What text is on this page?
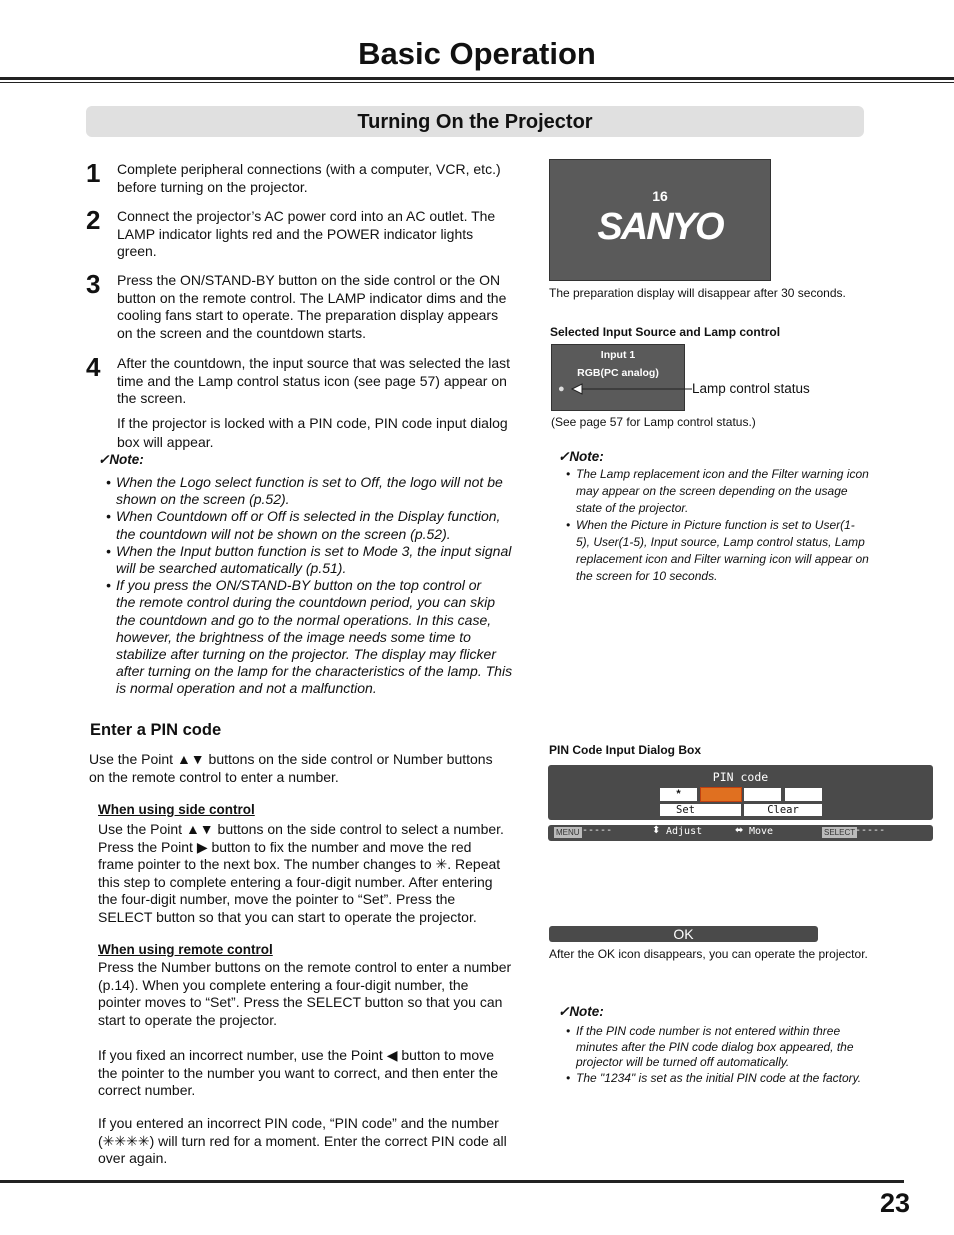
Basic Operation
Turning On the Projector
1 Complete peripheral connections (with a computer, VCR, etc.)
before turning on the projector.
2 Connect the projector’s AC power cord into an AC outlet. The
LAMP indicator lights red and the POWER indicator lights
green.
3 Press the ON/STAND-BY button on the side control or the ON
button on the remote control. The LAMP indicator dims and the
cooling fans start to operate. The preparation display appears
on the screen and the countdown starts.
4 After the countdown, the input source that was selected the last
time and the Lamp control status icon (see page 57) appear on
the screen.
If the projector is locked with a PIN code, PIN code input dialog
box will appear.
✓Note:
• When the Logo select function is set to Off, the logo will not be
shown on the screen (p.52).
• When Countdown off or Off is selected in the Display function,
the countdown will not be shown on the screen (p.52).
• When the Input button function is set to Mode 3, the input signal
will be searched automatically (p.51).
• If you press the ON/STAND-BY button on the top control or
the remote control during the countdown period, you can skip
the countdown and go to the normal operations. In this case,
however, the brightness of the image needs some time to
stabilize after turning on the projector. The display may flicker
after turning on the lamp for the characteristics of the lamp. This
is normal operation and not a malfunction.
16
SANYO
The preparation display will disappear after 30 seconds.
Selected Input Source and Lamp control
Input 1
RGB(PC analog)
●	Lamp control status
(See page 57 for Lamp control status.)
✓Note:
• The Lamp replacement icon and the Filter warning icon
may appear on the screen depending on the usage
state of the projector.
• When the Picture in Picture function is set to User(1-
5), User(1-5), Input source, Lamp control status, Lamp
replacement icon and Filter warning icon will appear on
the screen for 10 seconds.
Enter a PIN code
Use the Point ▲▼ buttons on the side control or Number buttons
on the remote control to enter a number.
When using side control
Use the Point ▲▼ buttons on the side control to select a number.
Press the Point ▶ button to fix the number and move the red
frame pointer to the next box. The number changes to ✳. Repeat
this step to complete entering a four-digit number. After entering
the four-digit number, move the pointer to “Set”. Press the
SELECT button so that you can start to operate the projector.
When using remote control
Press the Number buttons on the remote control to enter a number
(p.14). When you complete entering a four-digit number, the
pointer moves to “Set”. Press the SELECT button so that you can
start to operate the projector.
If you fixed an incorrect number, use the Point ◀ button to move
the pointer to the number you want to correct, and then enter the
correct number.
If you entered an incorrect PIN code, “PIN code” and the number
(✳✳✳✳) will turn red for a moment. Enter the correct PIN code all
over again.
PIN Code Input Dialog Box
PIN code
*
Set	Clear
MENU -----	⬍ Adjust	⬌ Move	SELECT -----
OK
After the OK icon disappears, you can operate the projector.
✓Note:
• If the PIN code number is not entered within three
minutes after the PIN code dialog box appeared, the
projector will be turned off automatically.
• The "1234" is set as the initial PIN code at the factory.
23
